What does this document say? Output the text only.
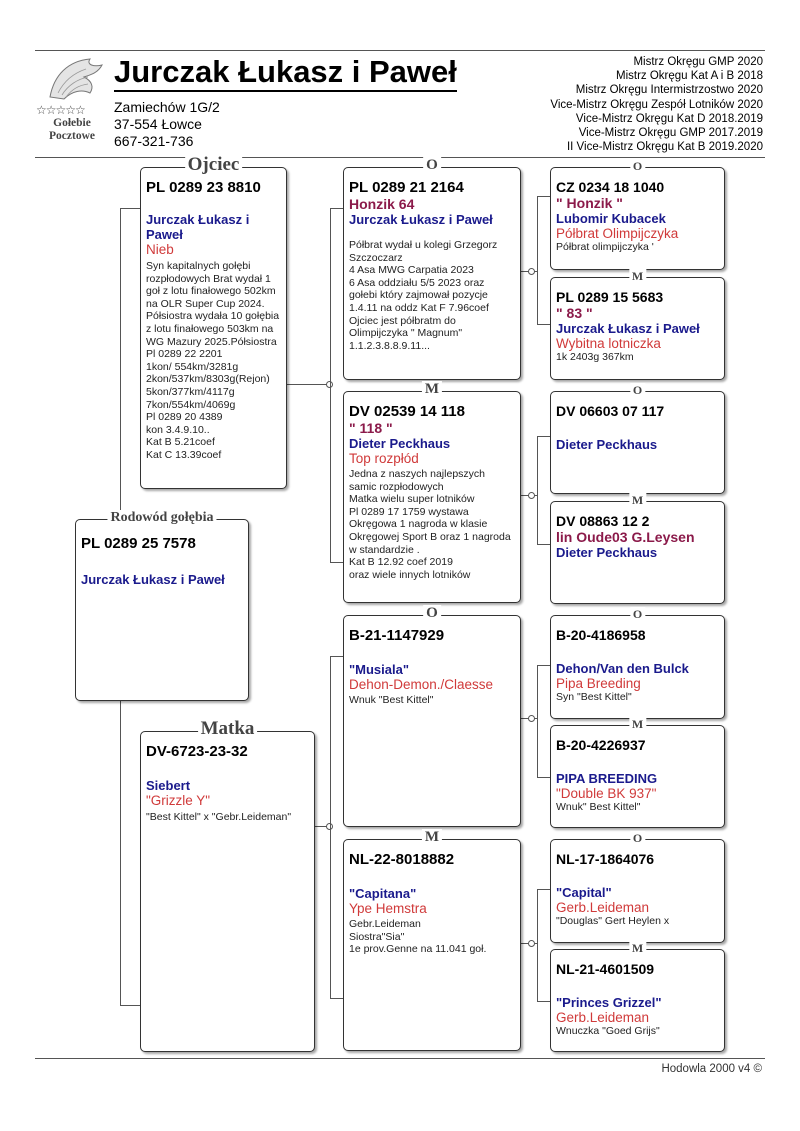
☆☆☆☆☆
Gołebie
Pocztowe
Jurczak Łukasz i Paweł
Zamiechów 1G/2
37-554 Łowce
667-321-736
Mistrz Okręgu GMP 2020
Mistrz Okręgu Kat A i B 2018
Mistrz Okręgu Intermistrzostwo 2020
Vice-Mistrz Okręgu Zespół Lotników 2020
Vice-Mistrz Okręgu Kat D 2018.2019
Vice-Mistrz Okręgu GMP 2017.2019
II Vice-Mistrz Okręgu Kat B 2019.2020
Rodowód gołębia
PL 0289 25 7578
Jurczak Łukasz i Paweł
Ojciec
PL 0289 23 8810
Jurczak Łukasz i Paweł
Nieb
Syn kapitalnych gołębi rozpłodowych Brat wydał 1 goł z lotu finałowego 502km na OLR Super Cup 2024.
Półsiostra wydała 10 gołębia z lotu finałowego 503km na WG Mazury 2025.Półsiostra Pl 0289 22 2201
1kon/ 554km/3281g
2kon/537km/8303g(Rejon)
5kon/377km/4117g
7kon/554km/4069g
Pl 0289 20 4389
kon 3.4.9.10..
Kat B 5.21coef
Kat C 13.39coef
Matka
DV-6723-23-32
Siebert
"Grizzle Y"
"Best Kittel" x "Gebr.Leideman"
O
PL 0289 21 2164
Honzik 64
Jurczak Łukasz i Paweł
Półbrat wydał u kolegi Grzegorz Szczoczarz
4 Asa MWG Carpatia 2023
6 Asa oddziału 5/5 2023 oraz gołebi który zajmował pozycje 1.4.11 na oddz Kat F 7.96coef
Ojciec jest półbratm do Olimpijczyka " Magnum"
1.1.2.3.8.8.9.11...
M
DV 02539 14 118
" 118 "
Dieter Peckhaus
Top rozpłód
Jedna z naszych najlepszych samic rozpłodowych
Matka wielu super lotników
Pl 0289 17 1759 wystawa Okręgowa 1 nagroda w klasie Okręgowej Sport B oraz 1 nagroda w standardzie .
Kat B 12.92 coef 2019
oraz wiele innych lotników
O
B-21-1147929
"Musiala"
Dehon-Demon./Claesse
Wnuk "Best Kittel"
M
NL-22-8018882
"Capitana"
Ype Hemstra
Gebr.Leideman
Siostra"Sia"
1e prov.Genne na 11.041 goł.
O
CZ 0234 18 1040
" Honzik "
Lubomir Kubacek
Półbrat Olimpijczyka
Półbrat olimpijczyka '
M
PL 0289 15 5683
" 83 "
Jurczak Łukasz i Paweł
Wybitna lotniczka
1k 2403g 367km
O
DV 06603 07 117
Dieter Peckhaus
M
DV 08863 12 2
lin Oude03 G.Leysen
Dieter Peckhaus
O
B-20-4186958
Dehon/Van den Bulck
Pipa Breeding
Syn "Best Kittel"
M
B-20-4226937
PIPA BREEDING
"Double BK 937"
Wnuk" Best Kittel"
O
NL-17-1864076
"Capital"
Gerb.Leideman
"Douglas" Gert Heylen x
M
NL-21-4601509
"Princes Grizzel"
Gerb.Leideman
Wnuczka "Goed Grijs"
Hodowla 2000 v4 ©
